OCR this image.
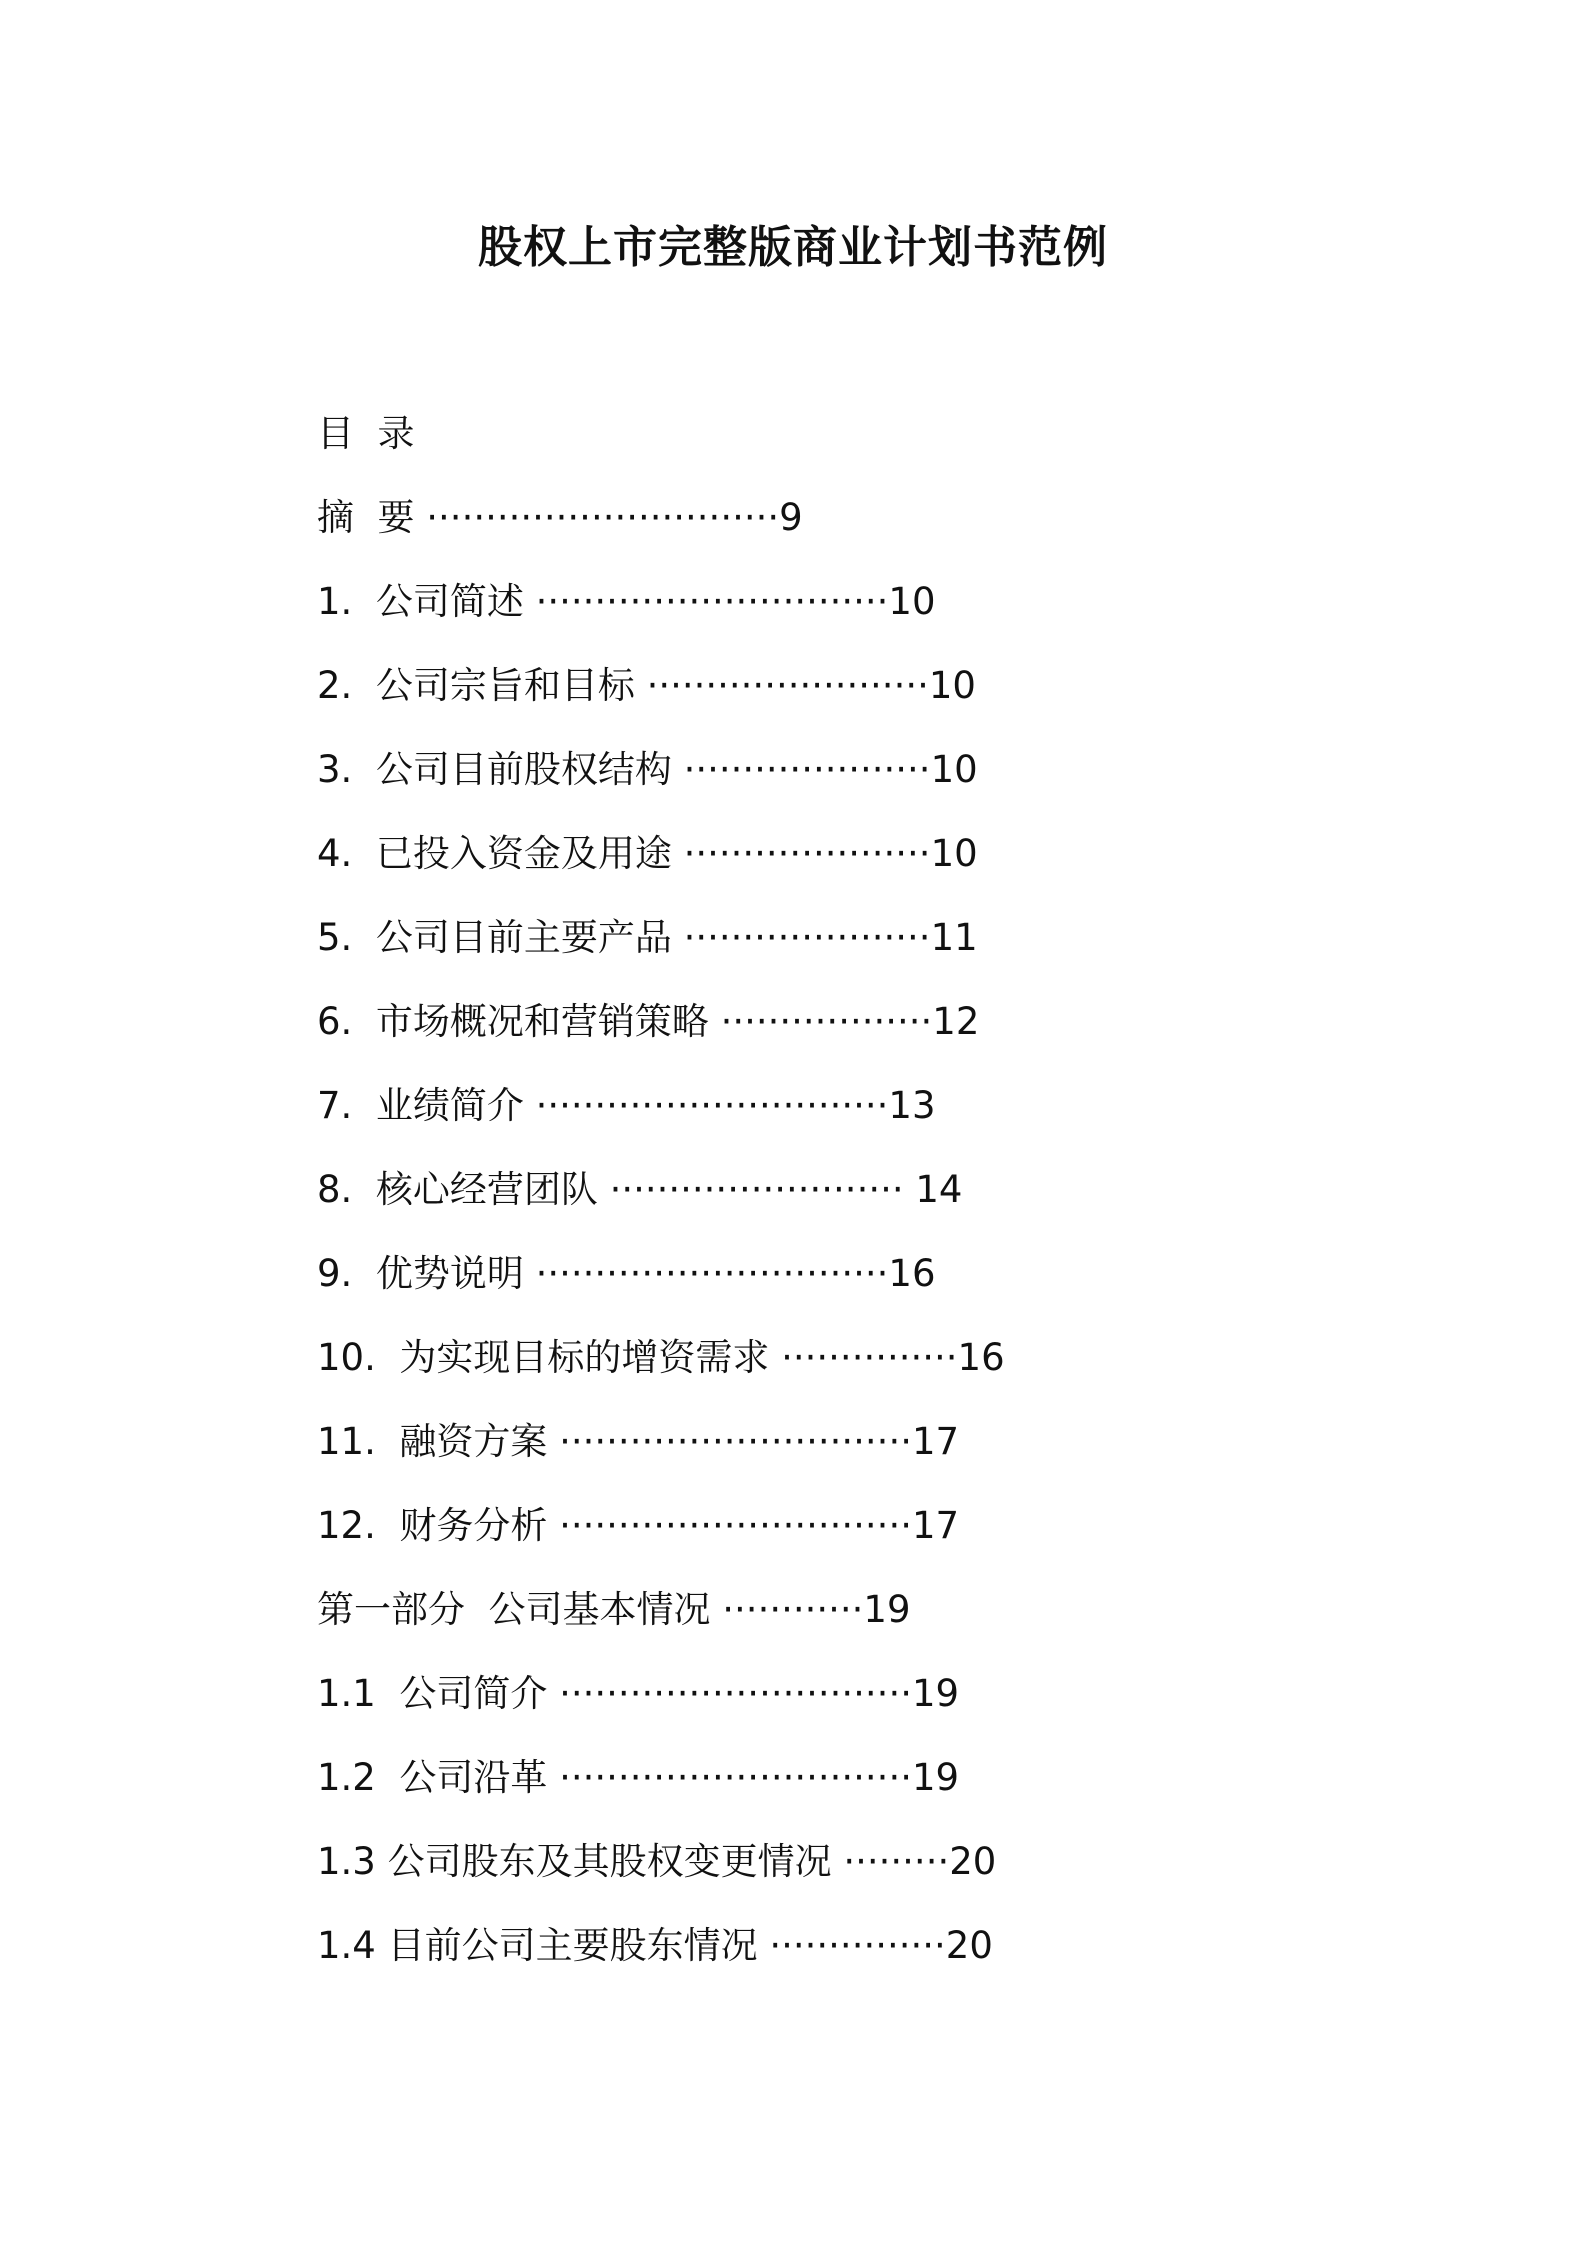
股权上市完整版商业计划书范例
目  录
摘  要 ······························9
1.  公司简述 ······························10
2.  公司宗旨和目标 ························10
3.  公司目前股权结构 ·····················10
4.  已投入资金及用途 ·····················10
5.  公司目前主要产品 ·····················11
6.  市场概况和营销策略 ··················12
7.  业绩简介 ······························13
8.  核心经营团队 ························· 14
9.  优势说明 ······························16
10.  为实现目标的增资需求 ···············16
11.  融资方案 ······························17
12.  财务分析 ······························17
第一部分  公司基本情况 ············19
1.1  公司简介 ······························19
1.2  公司沿革 ······························19
1.3 公司股东及其股权变更情况 ·········20
1.4 目前公司主要股东情况 ···············20
